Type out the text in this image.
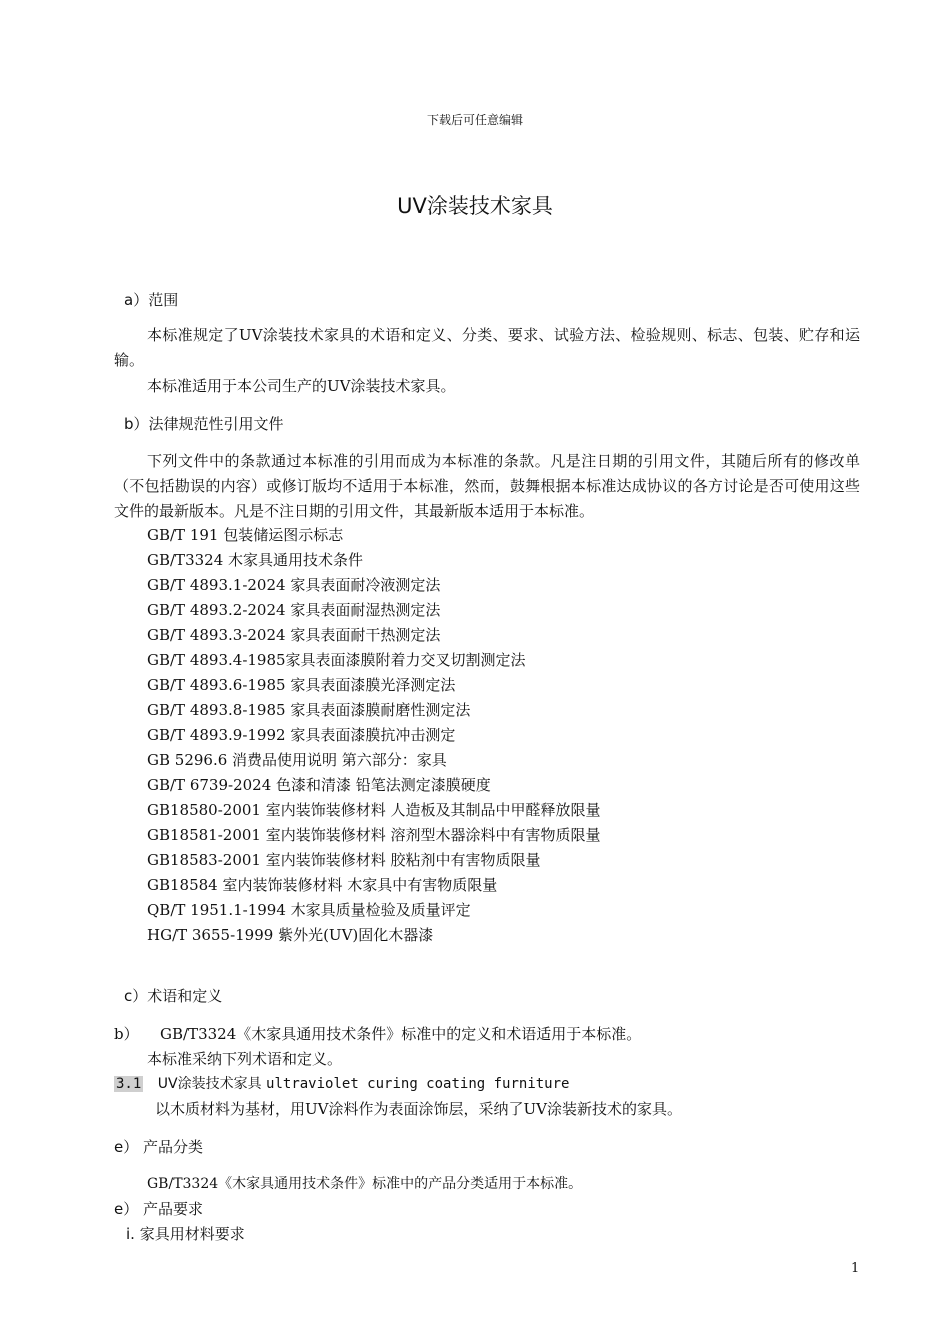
下载后可任意编辑
UV涂装技术家具
a）范围
本标准规定了UV涂装技术家具的术语和定义、分类、要求、试验方法、检验规则、标志、包装、贮存和运输。
本标准适用于本公司生产的UV涂装技术家具。
b）法律规范性引用文件
下列文件中的条款通过本标准的引用而成为本标准的条款。凡是注日期的引用文件，其随后所有的修改单（不包括勘误的内容）或修订版均不适用于本标准，然而，鼓舞根据本标准达成协议的各方讨论是否可使用这些文件的最新版本。凡是不注日期的引用文件，其最新版本适用于本标准。
GB/T 191 包装储运图示标志
GB/T3324 木家具通用技术条件
GB/T 4893.1-2024 家具表面耐冷液测定法
GB/T 4893.2-2024 家具表面耐湿热测定法
GB/T 4893.3-2024 家具表面耐干热测定法
GB/T 4893.4-1985家具表面漆膜附着力交叉切割测定法
GB/T 4893.6-1985 家具表面漆膜光泽测定法
GB/T 4893.8-1985 家具表面漆膜耐磨性测定法
GB/T 4893.9-1992 家具表面漆膜抗冲击测定
GB 5296.6 消费品使用说明 第六部分：家具
GB/T 6739-2024 色漆和清漆 铅笔法测定漆膜硬度
GB18580-2001 室内装饰装修材料 人造板及其制品中甲醛释放限量
GB18581-2001 室内装饰装修材料 溶剂型木器涂料中有害物质限量
GB18583-2001 室内装饰装修材料 胶粘剂中有害物质限量
GB18584 室内装饰装修材料 木家具中有害物质限量
QB/T 1951.1-1994 木家具质量检验及质量评定
HG/T 3655-1999 紫外光(UV)固化木器漆
c）术语和定义
b） GB/T3324《木家具通用技术条件》标准中的定义和术语适用于本标准。
本标准采纳下列术语和定义。
3.1 UV涂装技术家具 ultraviolet curing coating furniture
以木质材料为基材，用UV涂料作为表面涂饰层，采纳了UV涂装新技术的家具。
e） 产品分类
GB/T3324《木家具通用技术条件》标准中的产品分类适用于本标准。
e） 产品要求
i. 家具用材料要求
1
